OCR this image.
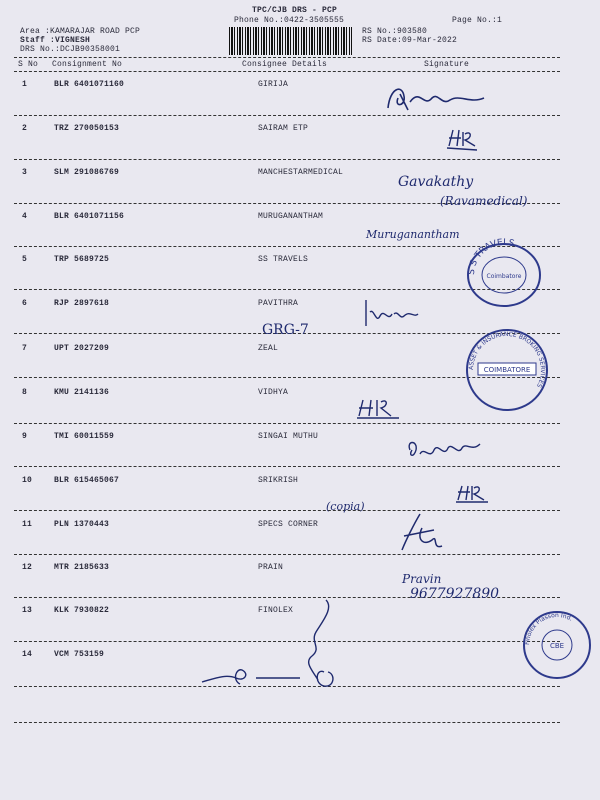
TPC/CJB DRS - PCP
Phone No.:0422-3505555	Page No.:1
Area :KAMARAJAR ROAD PCP
Staff :VIGNESH
DRS No.:DCJB90358001
RS No.:903580
RS Date:09-Mar-2022
S No Consignment No	Consignee Details	Signature
1	BLR 6401071160	GIRIJA
2	TRZ 270050153	SAIRAM ETP
3	SLM 291086769	MANCHESTARMEDICAL
4	BLR 6401071156	MURUGANANTHAM
5	TRP 5689725	SS TRAVELS
6	RJP 2897618	PAVITHRA
7	UPT 2027209	ZEAL
8	KMU 2141136	VIDHYA
9	TMI 60011559	SINGAI MUTHU
10	BLR 615465067	SRIKRISH
11	PLN 1370443	SPECS CORNER
12	MTR 2185633	PRAIN
13	KLK 7930822	FINOLEX
14	VCM 753159
Gavakathy
(Ravamedical)
Muruganantham
GRG-7
(copia)
Pravin
9677927890
S S TRAVELS
Coimbatore
ASSET & INSURANCE BROKING SERVICES
COIMBATORE
Finolex Plasson Ind.
CBE
